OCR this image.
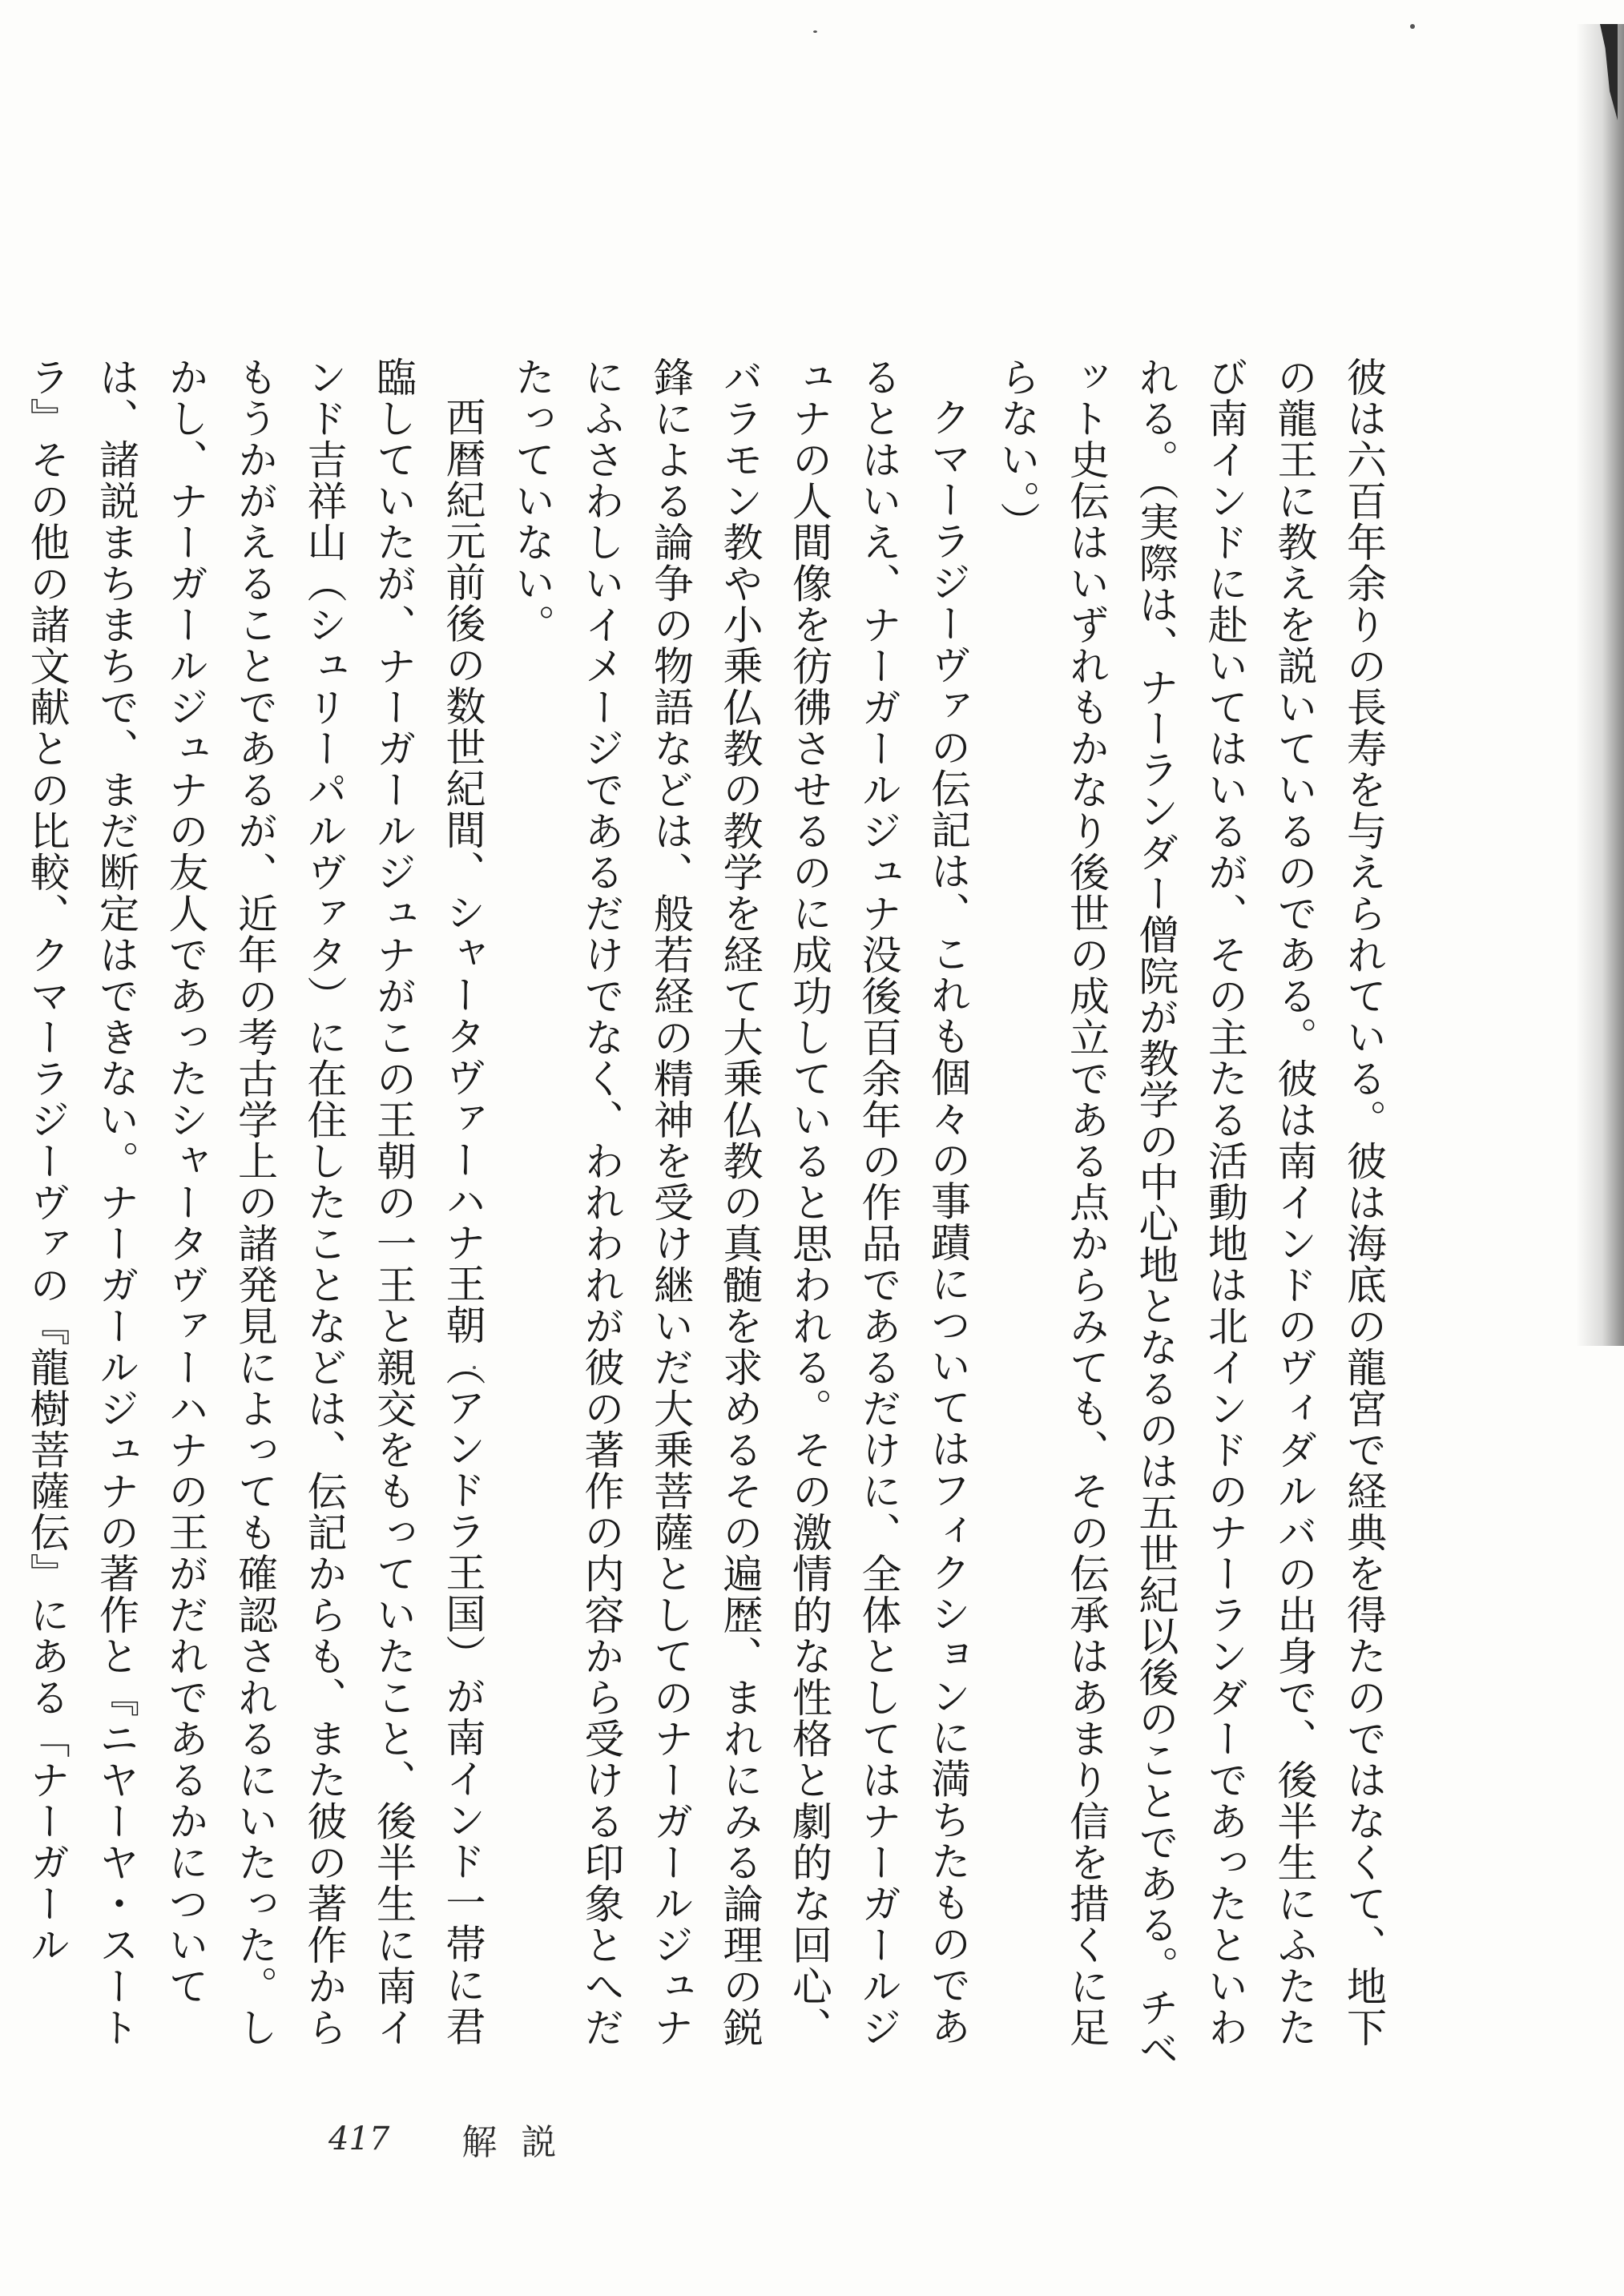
彼は六百年余りの長寿を与えられている。彼は海底の龍宮で経典を得たのではなくて、地下の龍王に教えを説いているのである。彼は南インドのヴィダルバの出身で、後半生にふたたび南インドに赴いてはいるが、その主たる活動地は北インドのナーランダーであったといわれる。（実際は、ナーランダー僧院が教学の中心地となるのは五世紀以後のことである。チベット史伝はいずれもかなり後世の成立である点からみても、その伝承はあまり信を措くに足らない。）

クマーラジーヴァの伝記は、これも個々の事蹟についてはフィクションに満ちたものであるとはいえ、ナーガールジュナ没後百余年の作品であるだけに、全体としてはナーガールジュナの人間像を彷彿させるのに成功していると思われる。その激情的な性格と劇的な回心、バラモン教や小乗仏教の教学を経て大乗仏教の真髄を求めるその遍歴、まれにみる論理の鋭鋒による論争の物語などは、般若経の精神を受け継いだ大乗菩薩としてのナーガールジュナにふさわしいイメージであるだけでなく、われわれが彼の著作の内容から受ける印象とへだたっていない。

西暦紀元前後の数世紀間、シャータヴァーハナ王朝（アンドラ王国）が南インド一帯に君臨していたが、ナーガールジュナがこの王朝の一王と親交をもっていたこと、後半生に南インド吉祥山（シュリーパルヴァタ）に在住したことなどは、伝記からも、また彼の著作からもうかがえることであるが、近年の考古学上の諸発見によっても確認されるにいたった。しかし、ナーガールジュナの友人であったシャータヴァーハナの王がだれであるかについては、諸説まちまちで、まだ断定はできない。ナーガールジュナの著作と『ニヤーヤ・スートラ』その他の諸文献との比較、クマーラジーヴァの『龍樹菩薩伝』にある「ナーガール

417 解説
